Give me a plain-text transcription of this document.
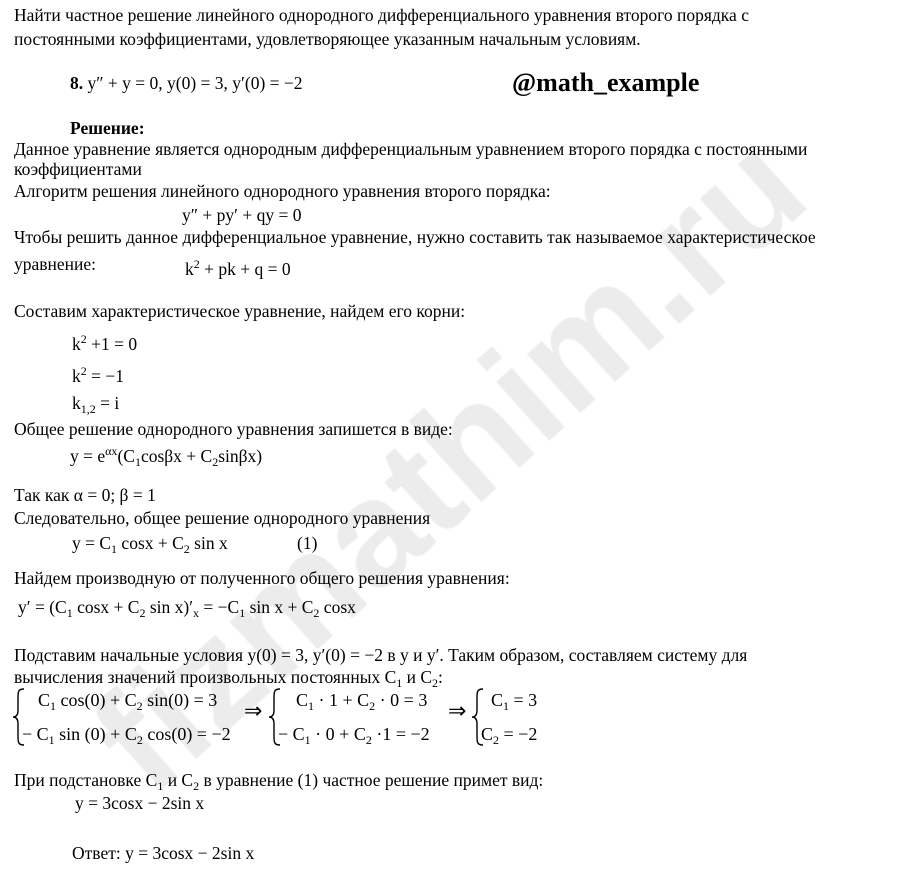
@math_example
Найти частное решение линейного однородного дифференциального уравнения второго порядка с
постоянными коэффициентами, удовлетворяющее указанным начальным условиям.
8. y″ + y = 0, y(0) = 3, y′(0) = −2
Решение:
Данное уравнение является однородным дифференциальным уравнением второго порядка с постоянными
коэффициентами
Алгоритм решения линейного однородного уравнения второго порядка:
y″ + py′ + qy = 0
Чтобы решить данное дифференциальное уравнение, нужно составить так называемое характеристическое
уравнение:	$k^2$ + pk + q = 0
Составим характеристическое уравнение, найдем его корни:
$k^2 +1 = 0$
$k^2 = -1$
$k_{1,2} = i$
Общее решение однородного уравнения запишется в виде:
$y = e^{\alpha x}(C_1\cos\beta x + C_2\sin\beta x)$
Так как α = 0; β = 1
Следовательно, общее решение однородного уравнения
$y = C_1$ $\cos x + C_2$ sin x	(1)
Найдем производную от полученного общего решения уравнения:
$y' = (C_1$ $\cos x + C_2$ $\sin x)'_x = -C_1$ $\sin x + C_2$ cosx
Подставим начальные условия y(0) = 3, y′(0) = −2 в y и y′. Таким образом, составляем систему для
вычисления значений произвольных постоянных $C_1$ и $C_2$:
При подстановке $C_1$ и $C_2$ в уравнение (1) частное решение примет вид:
y = 3cosx − 2sin x
Ответ: y = 3cosx − 2sin x
$C_1$ $\cos(0) + C_2$ sin(0) = 3
− $C_1$ $\sin (0) + C_2$ cos(0) = −2
⇒ $C_1 \cdot 1 + C_2 \cdot 0 = 3$
− $C_1 \cdot 0 + C_2 \cdot 1 = -2$
⇒ $C_1 = 3$
$C_2 = -2$
